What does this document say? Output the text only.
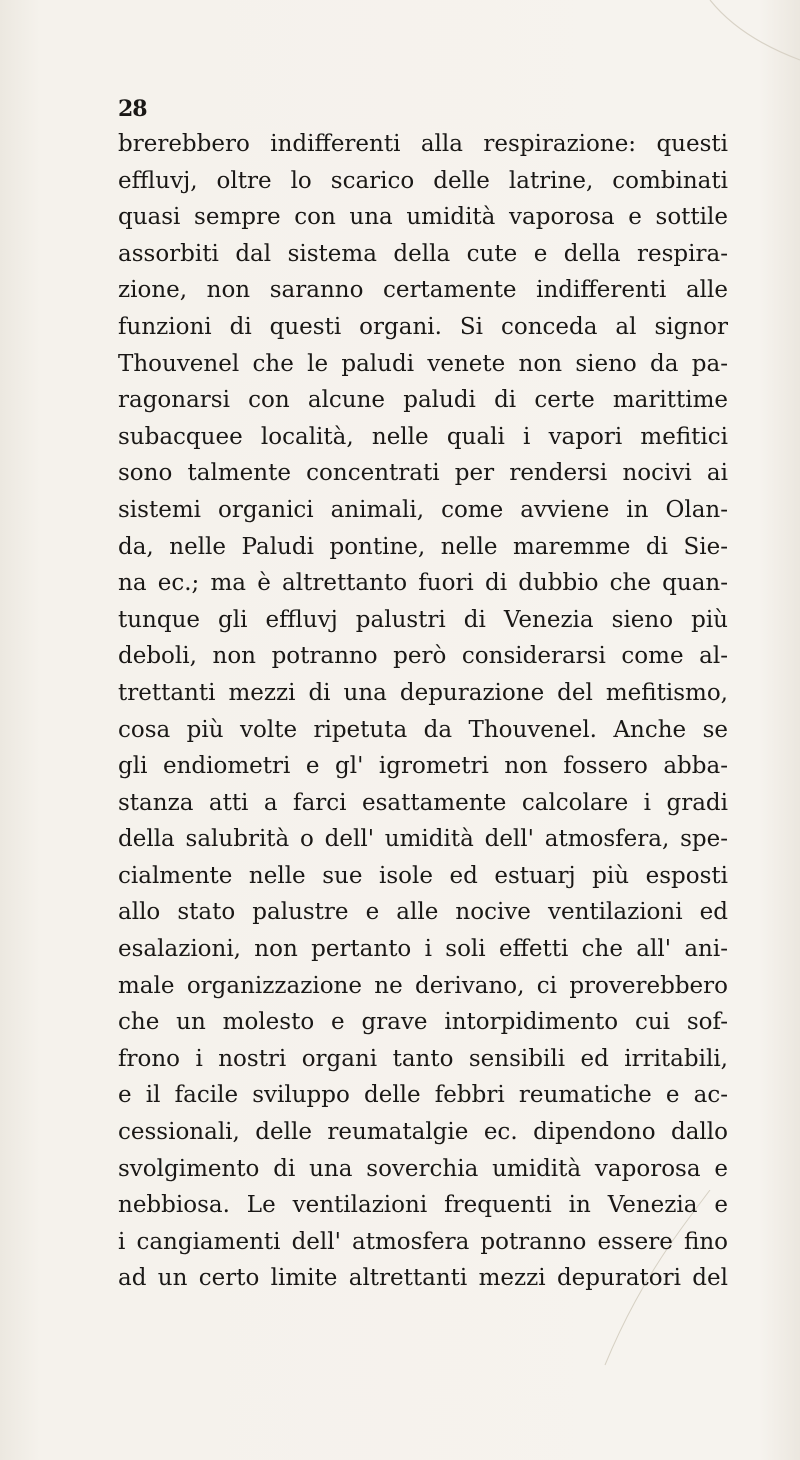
28
brerebbero indifferenti alla respirazione: questi
effluvj, oltre lo scarico delle latrine, combinati
quasi sempre con una umidità vaporosa e sottile
assorbiti dal sistema della cute e della respira-
zione, non saranno certamente indifferenti alle
funzioni di questi organi. Si conceda al signor
Thouvenel che le paludi venete non sieno da pa-
ragonarsi con alcune paludi di certe marittime
subacquee località, nelle quali i vapori mefitici
sono talmente concentrati per rendersi nocivi ai
sistemi organici animali, come avviene in Olan-
da, nelle Paludi pontine, nelle maremme di Sie-
na ec.; ma è altrettanto fuori di dubbio che quan-
tunque gli effluvj palustri di Venezia sieno più
deboli, non potranno però considerarsi come al-
trettanti mezzi di una depurazione del mefitismo,
cosa più volte ripetuta da Thouvenel. Anche se
gli endiometri e gl' igrometri non fossero abba-
stanza atti a farci esattamente calcolare i gradi
della salubrità o dell' umidità dell' atmosfera, spe-
cialmente nelle sue isole ed estuarj più esposti
allo stato palustre e alle nocive ventilazioni ed
esalazioni, non pertanto i soli effetti che all' ani-
male organizzazione ne derivano, ci proverebbero
che un molesto e grave intorpidimento cui sof-
frono i nostri organi tanto sensibili ed irritabili,
e il facile sviluppo delle febbri reumatiche e ac-
cessionali, delle reumatalgie ec. dipendono dallo
svolgimento di una soverchia umidità vaporosa e
nebbiosa. Le ventilazioni frequenti in Venezia e
i cangiamenti dell' atmosfera potranno essere fino
ad un certo limite altrettanti mezzi depuratori del
